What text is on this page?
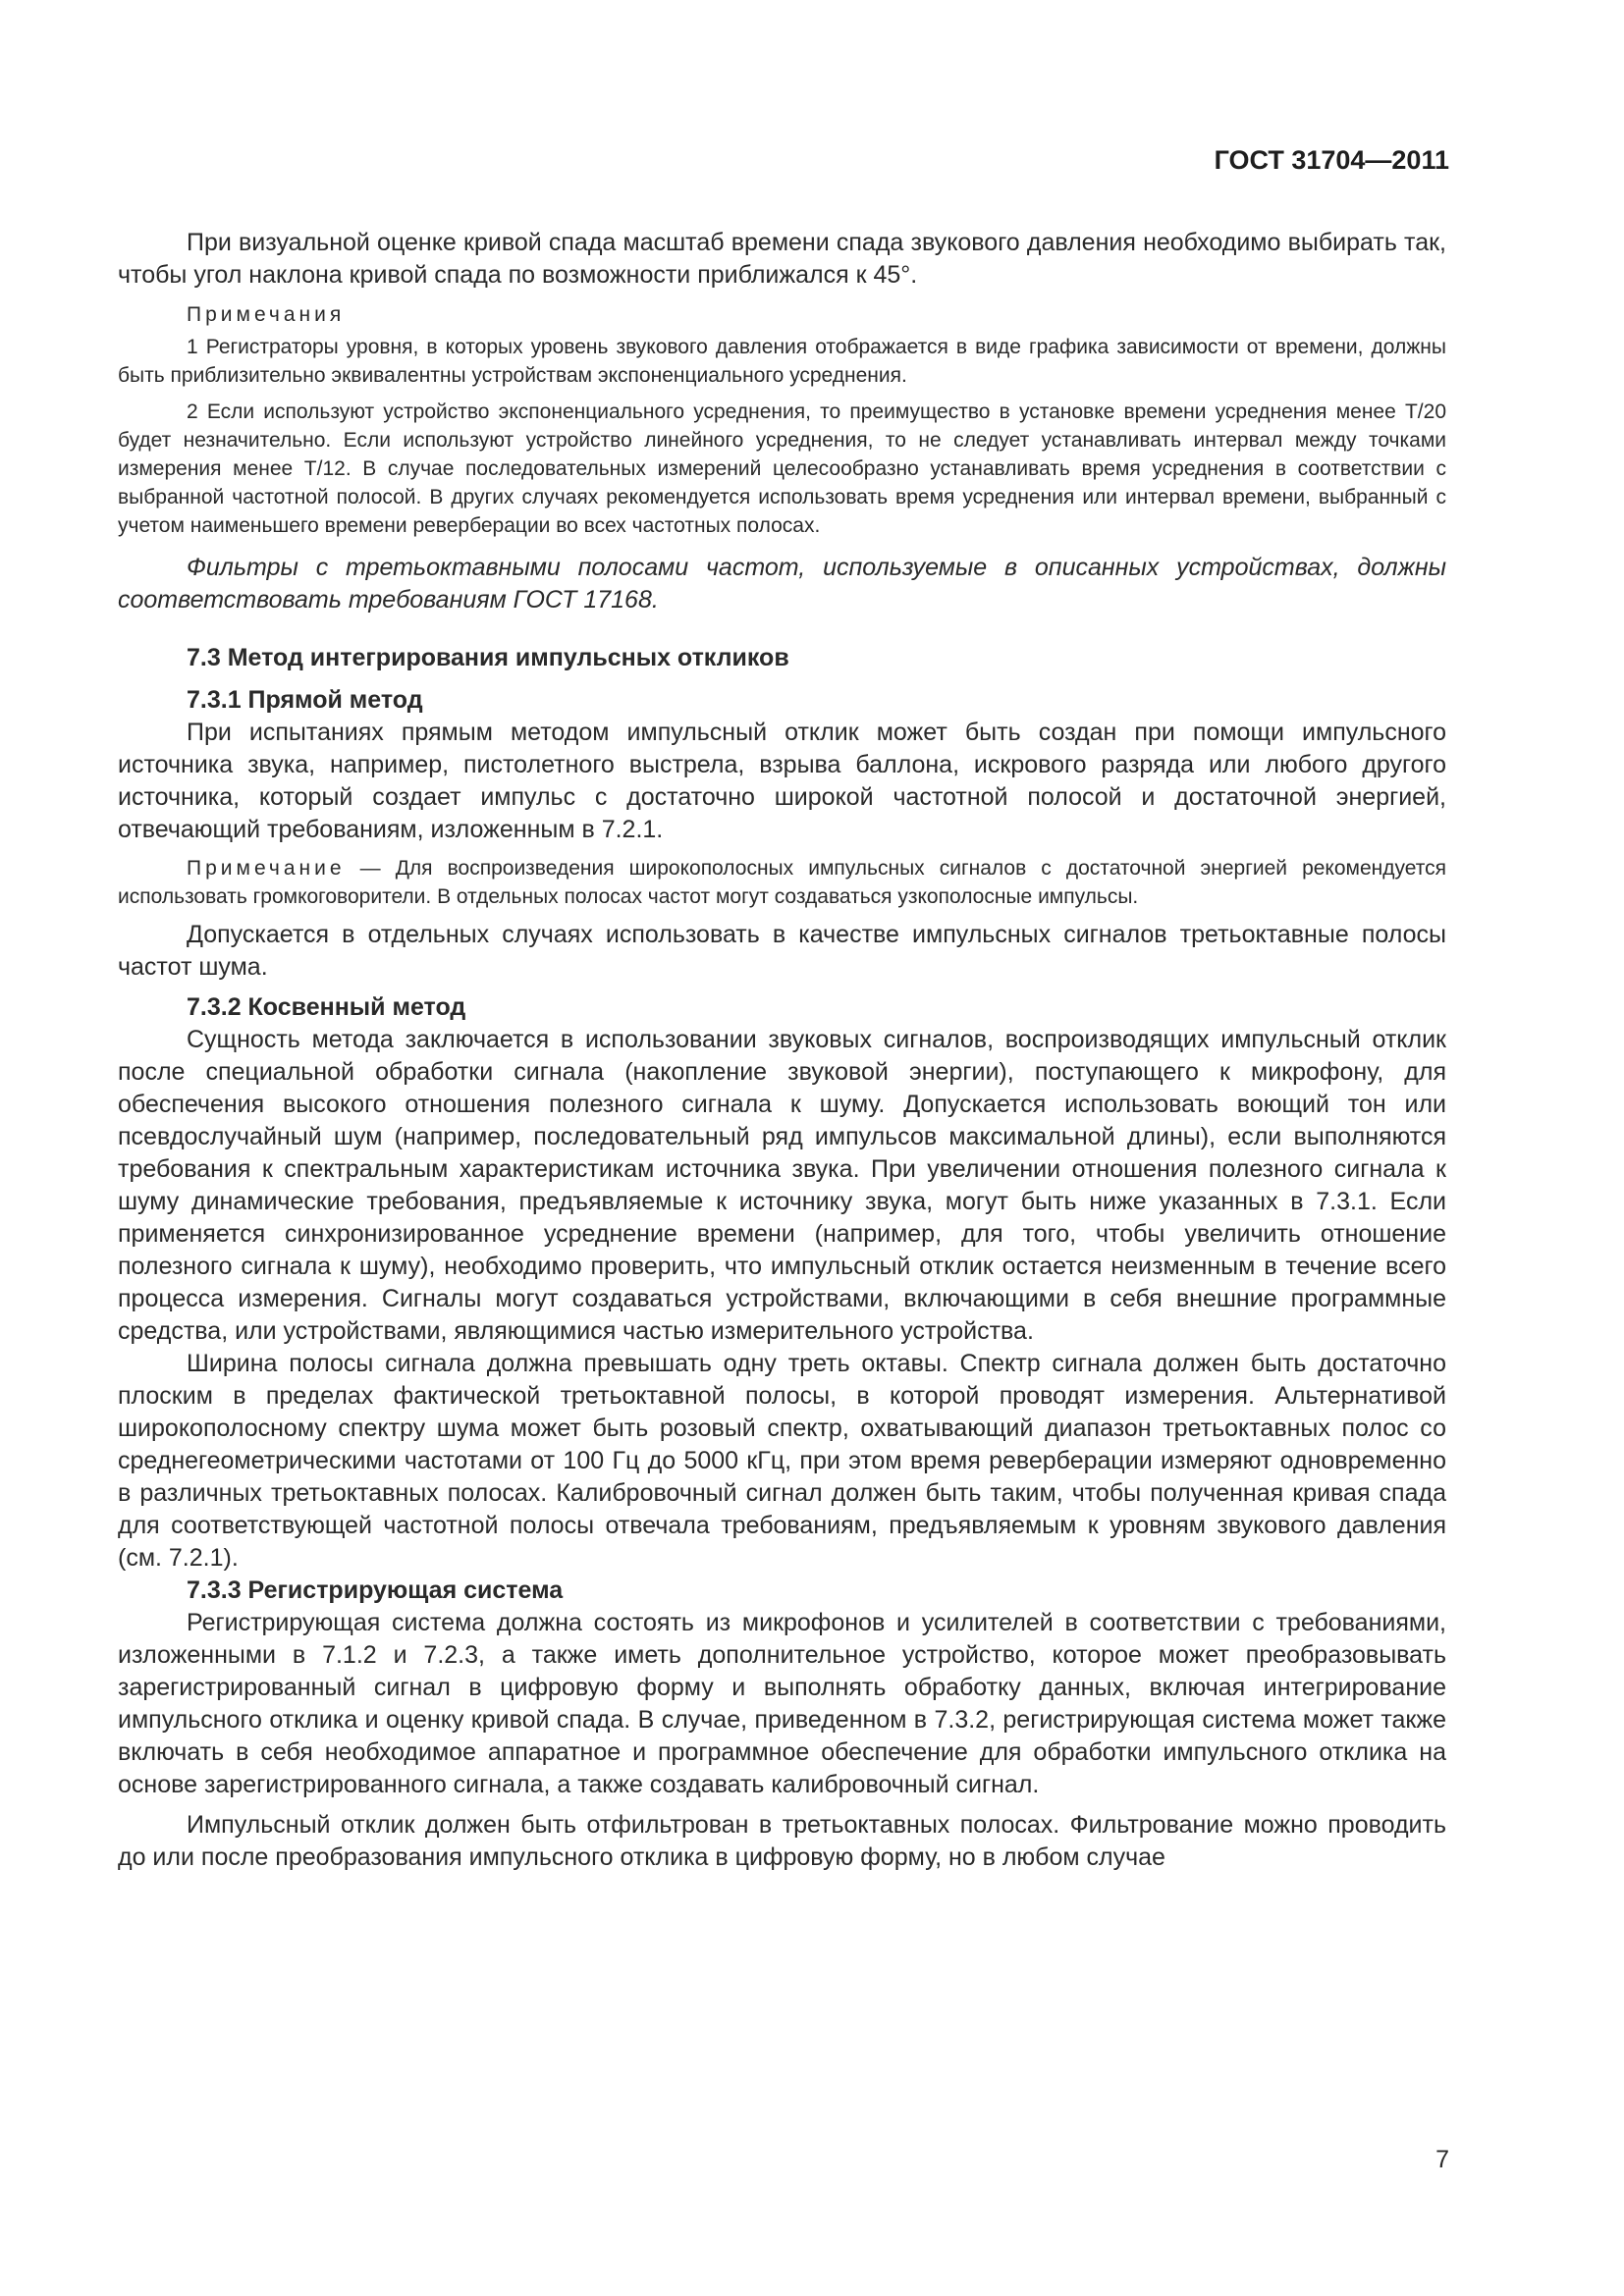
ГОСТ 31704—2011

При визуальной оценке кривой спада масштаб времени спада звукового давления необходимо выбирать так, чтобы угол наклона кривой спада по возможности приближался к 45°.

Примечания

1 Регистраторы уровня, в которых уровень звукового давления отображается в виде графика зависимости от времени, должны быть приблизительно эквивалентны устройствам экспоненциального усреднения.

2 Если используют устройство экспоненциального усреднения, то преимущество в установке времени усреднения менее T/20 будет незначительно. Если используют устройство линейного усреднения, то не следует устанавливать интервал между точками измерения менее T/12. В случае последовательных измерений целесообразно устанавливать время усреднения в соответствии с выбранной частотной полосой. В других случаях рекомендуется использовать время усреднения или интервал времени, выбранный с учетом наименьшего времени реверберации во всех частотных полосах.

Фильтры с третьоктавными полосами частот, используемые в описанных устройствах, должны соответствовать требованиям ГОСТ 17168.

7.3 Метод интегрирования импульсных откликов
7.3.1 Прямой метод

При испытаниях прямым методом импульсный отклик может быть создан при помощи импульсного источника звука, например, пистолетного выстрела, взрыва баллона, искрового разряда или любого другого источника, который создает импульс с достаточно широкой частотной полосой и достаточной энергией, отвечающий требованиям, изложенным в 7.2.1.

Примечание — Для воспроизведения широкополосных импульсных сигналов с достаточной энергией рекомендуется использовать громкоговорители. В отдельных полосах частот могут создаваться узкополосные импульсы.

Допускается в отдельных случаях использовать в качестве импульсных сигналов третьоктавные полосы частот шума.

7.3.2 Косвенный метод

Сущность метода заключается в использовании звуковых сигналов, воспроизводящих импульсный отклик после специальной обработки сигнала (накопление звуковой энергии), поступающего к микрофону, для обеспечения высокого отношения полезного сигнала к шуму. Допускается использовать воющий тон или псевдослучайный шум (например, последовательный ряд импульсов максимальной длины), если выполняются требования к спектральным характеристикам источника звука. При увеличении отношения полезного сигнала к шуму динамические требования, предъявляемые к источнику звука, могут быть ниже указанных в 7.3.1. Если применяется синхронизированное усреднение времени (например, для того, чтобы увеличить отношение полезного сигнала к шуму), необходимо проверить, что импульсный отклик остается неизменным в течение всего процесса измерения. Сигналы могут создаваться устройствами, включающими в себя внешние программные средства, или устройствами, являющимися частью измерительного устройства.

Ширина полосы сигнала должна превышать одну треть октавы. Спектр сигнала должен быть достаточно плоским в пределах фактической третьоктавной полосы, в которой проводят измерения. Альтернативой широкополосному спектру шума может быть розовый спектр, охватывающий диапазон третьоктавных полос со среднегеометрическими частотами от 100 Гц до 5000 кГц, при этом время реверберации измеряют одновременно в различных третьоктавных полосах. Калибровочный сигнал должен быть таким, чтобы полученная кривая спада для соответствующей частотной полосы отвечала требованиям, предъявляемым к уровням звукового давления (см. 7.2.1).

7.3.3 Регистрирующая система

Регистрирующая система должна состоять из микрофонов и усилителей в соответствии с требованиями, изложенными в 7.1.2 и 7.2.3, а также иметь дополнительное устройство, которое может преобразовывать зарегистрированный сигнал в цифровую форму и выполнять обработку данных, включая интегрирование импульсного отклика и оценку кривой спада. В случае, приведенном в 7.3.2, регистрирующая система может также включать в себя необходимое аппаратное и программное обеспечение для обработки импульсного отклика на основе зарегистрированного сигнала, а также создавать калибровочный сигнал.

Импульсный отклик должен быть отфильтрован в третьоктавных полосах. Фильтрование можно проводить до или после преобразования импульсного отклика в цифровую форму, но в любом случае

7
